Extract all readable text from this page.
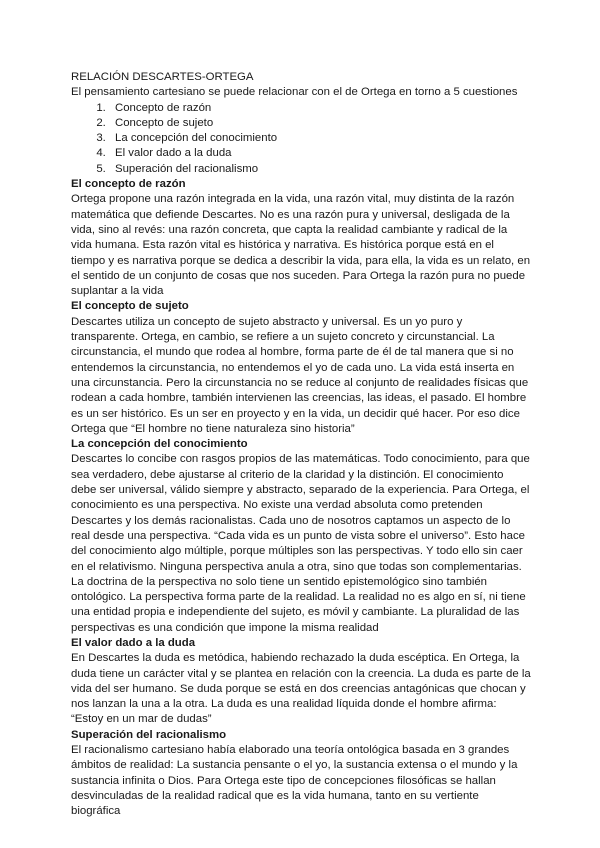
RELACIÓN DESCARTES-ORTEGA

El pensamiento cartesiano se puede relacionar con el de Ortega en torno a 5 cuestiones

1. Concepto de razón
2. Concepto de sujeto
3. La concepción del conocimiento
4. El valor dado a la duda
5. Superación del racionalismo
El concepto de razón

Ortega propone una razón integrada en la vida, una razón vital, muy distinta de la razón matemática que defiende Descartes. No es una razón pura y universal, desligada de la vida, sino al revés: una razón concreta, que capta la realidad cambiante y radical de la vida humana. Esta razón vital es histórica y narrativa. Es histórica porque está en el tiempo y es narrativa porque se dedica a describir la vida, para ella, la vida es un relato, en el sentido de un conjunto de cosas que nos suceden. Para Ortega la razón pura no puede suplantar a la vida

El concepto de sujeto

Descartes utiliza un concepto de sujeto abstracto y universal. Es un yo puro y transparente. Ortega, en cambio, se refiere a un sujeto concreto y circunstancial. La circunstancia, el mundo que rodea al hombre, forma parte de él de tal manera que si no entendemos la circunstancia, no entendemos el yo de cada uno. La vida está inserta en una circunstancia. Pero la circunstancia no se reduce al conjunto de realidades físicas que rodean a cada hombre, también intervienen las creencias, las ideas, el pasado. El hombre es un ser histórico. Es un ser en proyecto y en la vida, un decidir qué hacer. Por eso dice Ortega que “El hombre no tiene naturaleza sino historia”

La concepción del conocimiento

Descartes lo concibe con rasgos propios de las matemáticas. Todo conocimiento, para que sea verdadero, debe ajustarse al criterio de la claridad y la distinción. El conocimiento debe ser universal, válido siempre y abstracto, separado de la experiencia. Para Ortega, el conocimiento es una perspectiva. No existe una verdad absoluta como pretenden Descartes y los demás racionalistas. Cada uno de nosotros captamos un aspecto de lo real desde una perspectiva. “Cada vida es un punto de vista sobre el universo”. Esto hace del conocimiento algo múltiple, porque múltiples son las perspectivas. Y todo ello sin caer en el relativismo. Ninguna perspectiva anula a otra, sino que todas son complementarias. La doctrina de la perspectiva no solo tiene un sentido epistemológico sino también ontológico. La perspectiva forma parte de la realidad. La realidad no es algo en sí, ni tiene una entidad propia e independiente del sujeto, es móvil y cambiante. La pluralidad de las perspectivas es una condición que impone la misma realidad

El valor dado a la duda

En Descartes la duda es metódica, habiendo rechazado la duda escéptica. En Ortega, la duda tiene un carácter vital y se plantea en relación con la creencia. La duda es parte de la vida del ser humano. Se duda porque se está en dos creencias antagónicas que chocan y nos lanzan la una a la otra. La duda es una realidad líquida donde el hombre afirma: “Estoy en un mar de dudas”

Superación del racionalismo

El racionalismo cartesiano había elaborado una teoría ontológica basada en 3 grandes ámbitos de realidad: La sustancia pensante o el yo, la sustancia extensa o el mundo y la sustancia infinita o Dios. Para Ortega este tipo de concepciones filosóficas se hallan desvinculadas de la realidad radical que es la vida humana, tanto en su vertiente biográfica
